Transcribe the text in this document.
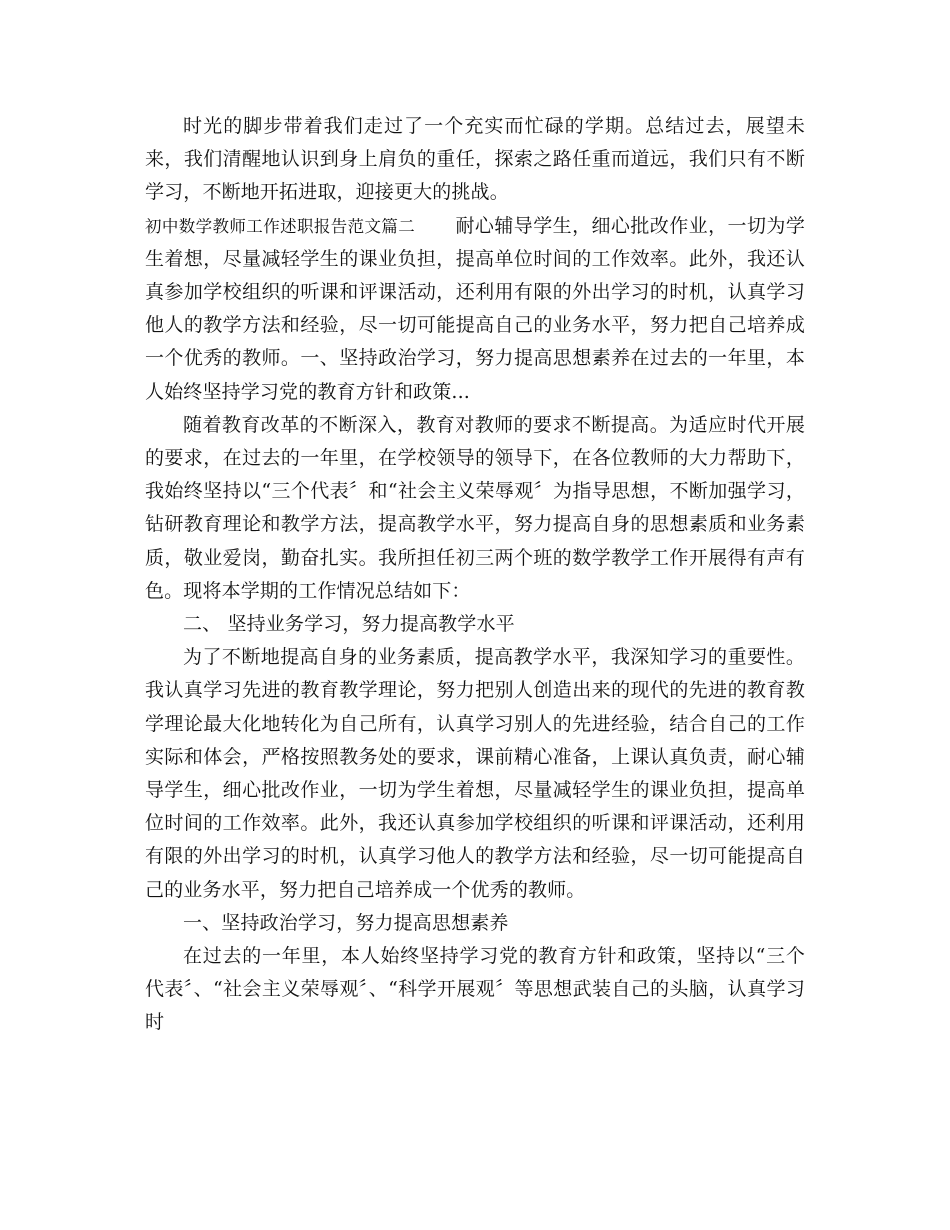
时光的脚步带着我们走过了一个充实而忙碌的学期。总结过去，展望未来，我们清醒地认识到身上肩负的重任，探索之路任重而道远，我们只有不断学习，不断地开拓进取，迎接更大的挑战。

初中数学教师工作述职报告范文篇二 耐心辅导学生，细心批改作业，一切为学生着想，尽量减轻学生的课业负担，提高单位时间的工作效率。此外，我还认真参加学校组织的听课和评课活动，还利用有限的外出学习的时机，认真学习他人的教学方法和经验，尽一切可能提高自己的业务水平，努力把自己培养成一个优秀的教师。一、坚持政治学习，努力提高思想素养在过去的一年里，本人始终坚持学习党的教育方针和政策...

随着教育改革的不断深入，教育对教师的要求不断提高。为适应时代开展的要求，在过去的一年里，在学校领导的领导下，在各位教师的大力帮助下，我始终坚持以“三个代表〞和“社会主义荣辱观〞为指导思想，不断加强学习，钻研教育理论和教学方法，提高教学水平，努力提高自身的思想素质和业务素质，敬业爱岗，勤奋扎实。我所担任初三两个班的数学教学工作开展得有声有色。现将本学期的工作情况总结如下：

二、 坚持业务学习，努力提高教学水平

为了不断地提高自身的业务素质，提高教学水平，我深知学习的重要性。我认真学习先进的教育教学理论，努力把别人创造出来的现代的先进的教育教学理论最大化地转化为自己所有，认真学习别人的先进经验，结合自己的工作实际和体会，严格按照教务处的要求，课前精心准备，上课认真负责，耐心辅导学生，细心批改作业，一切为学生着想，尽量减轻学生的课业负担，提高单位时间的工作效率。此外，我还认真参加学校组织的听课和评课活动，还利用有限的外出学习的时机，认真学习他人的教学方法和经验，尽一切可能提高自己的业务水平，努力把自己培养成一个优秀的教师。

一、坚持政治学习，努力提高思想素养

在过去的一年里，本人始终坚持学习党的教育方针和政策，坚持以“三个代表〞、“社会主义荣辱观〞、“科学开展观〞等思想武装自己的头脑，认真学习时
